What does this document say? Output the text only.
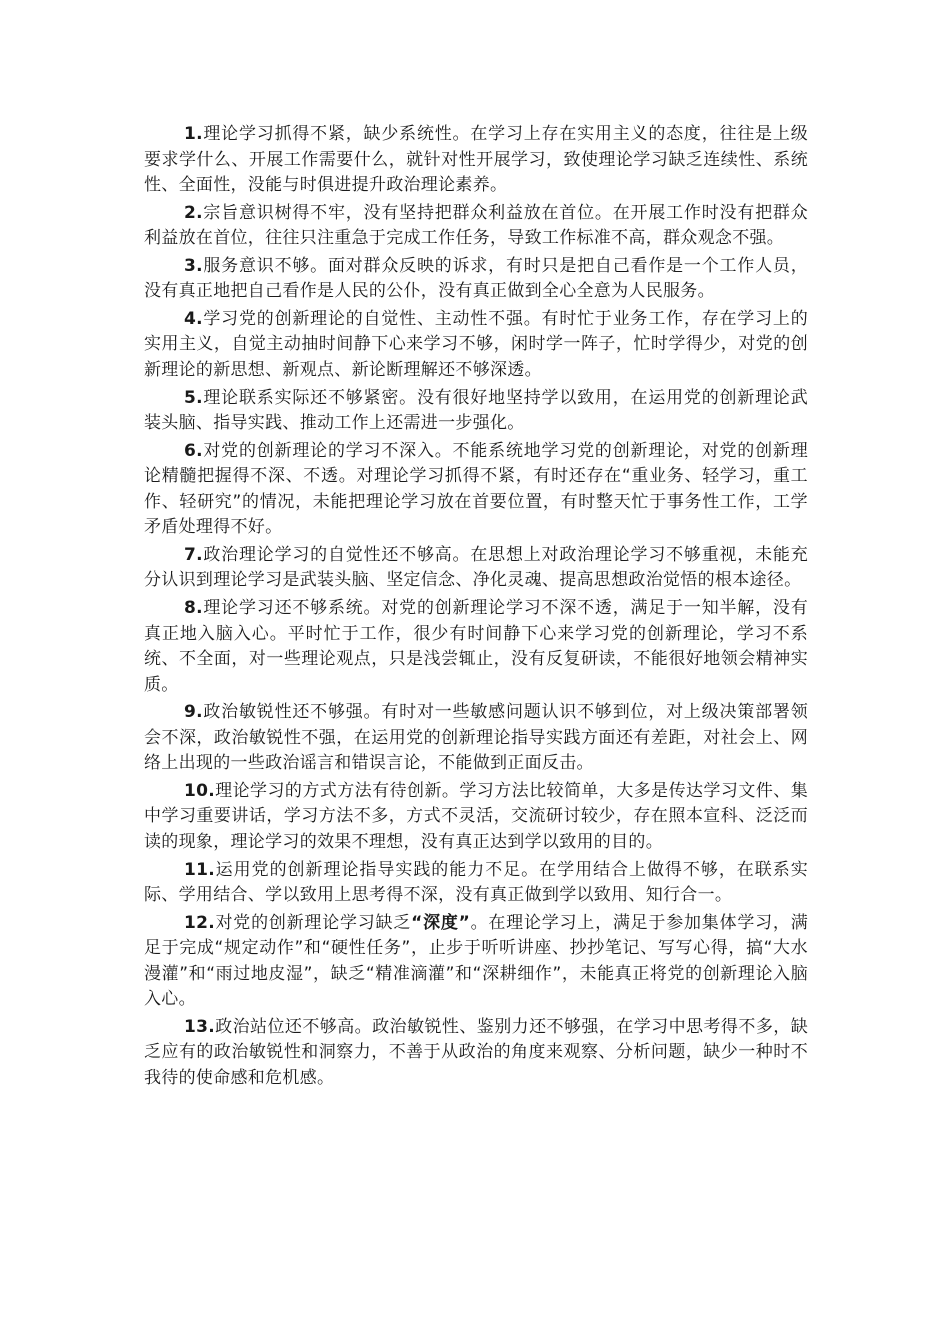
1.理论学习抓得不紧，缺少系统性。在学习上存在实用主义的态度，往往是上级要求学什么、开展工作需要什么，就针对性开展学习，致使理论学习缺乏连续性、系统性、全面性，没能与时俱进提升政治理论素养。

2.宗旨意识树得不牢，没有坚持把群众利益放在首位。在开展工作时没有把群众利益放在首位，往往只注重急于完成工作任务，导致工作标准不高，群众观念不强。

3.服务意识不够。面对群众反映的诉求，有时只是把自己看作是一个工作人员，没有真正地把自己看作是人民的公仆，没有真正做到全心全意为人民服务。

4.学习党的创新理论的自觉性、主动性不强。有时忙于业务工作，存在学习上的实用主义，自觉主动抽时间静下心来学习不够，闲时学一阵子，忙时学得少，对党的创新理论的新思想、新观点、新论断理解还不够深透。

5.理论联系实际还不够紧密。没有很好地坚持学以致用，在运用党的创新理论武装头脑、指导实践、推动工作上还需进一步强化。

6.对党的创新理论的学习不深入。不能系统地学习党的创新理论，对党的创新理论精髓把握得不深、不透。对理论学习抓得不紧，有时还存在“重业务、轻学习，重工作、轻研究”的情况，未能把理论学习放在首要位置，有时整天忙于事务性工作，工学矛盾处理得不好。

7.政治理论学习的自觉性还不够高。在思想上对政治理论学习不够重视，未能充分认识到理论学习是武装头脑、坚定信念、净化灵魂、提高思想政治觉悟的根本途径。

8.理论学习还不够系统。对党的创新理论学习不深不透，满足于一知半解，没有真正地入脑入心。平时忙于工作，很少有时间静下心来学习党的创新理论，学习不系统、不全面，对一些理论观点，只是浅尝辄止，没有反复研读，不能很好地领会精神实质。

9.政治敏锐性还不够强。有时对一些敏感问题认识不够到位，对上级决策部署领会不深，政治敏锐性不强，在运用党的创新理论指导实践方面还有差距，对社会上、网络上出现的一些政治谣言和错误言论，不能做到正面反击。

10.理论学习的方式方法有待创新。学习方法比较简单，大多是传达学习文件、集中学习重要讲话，学习方法不多，方式不灵活，交流研讨较少，存在照本宣科、泛泛而读的现象，理论学习的效果不理想，没有真正达到学以致用的目的。

11.运用党的创新理论指导实践的能力不足。在学用结合上做得不够，在联系实际、学用结合、学以致用上思考得不深，没有真正做到学以致用、知行合一。

12.对党的创新理论学习缺乏“深度”。在理论学习上，满足于参加集体学习，满足于完成“规定动作”和“硬性任务”，止步于听听讲座、抄抄笔记、写写心得，搞“大水漫灌”和“雨过地皮湿”，缺乏“精准滴灌”和“深耕细作”，未能真正将党的创新理论入脑入心。

13.政治站位还不够高。政治敏锐性、鉴别力还不够强，在学习中思考得不多，缺乏应有的政治敏锐性和洞察力，不善于从政治的角度来观察、分析问题，缺少一种时不我待的使命感和危机感。
